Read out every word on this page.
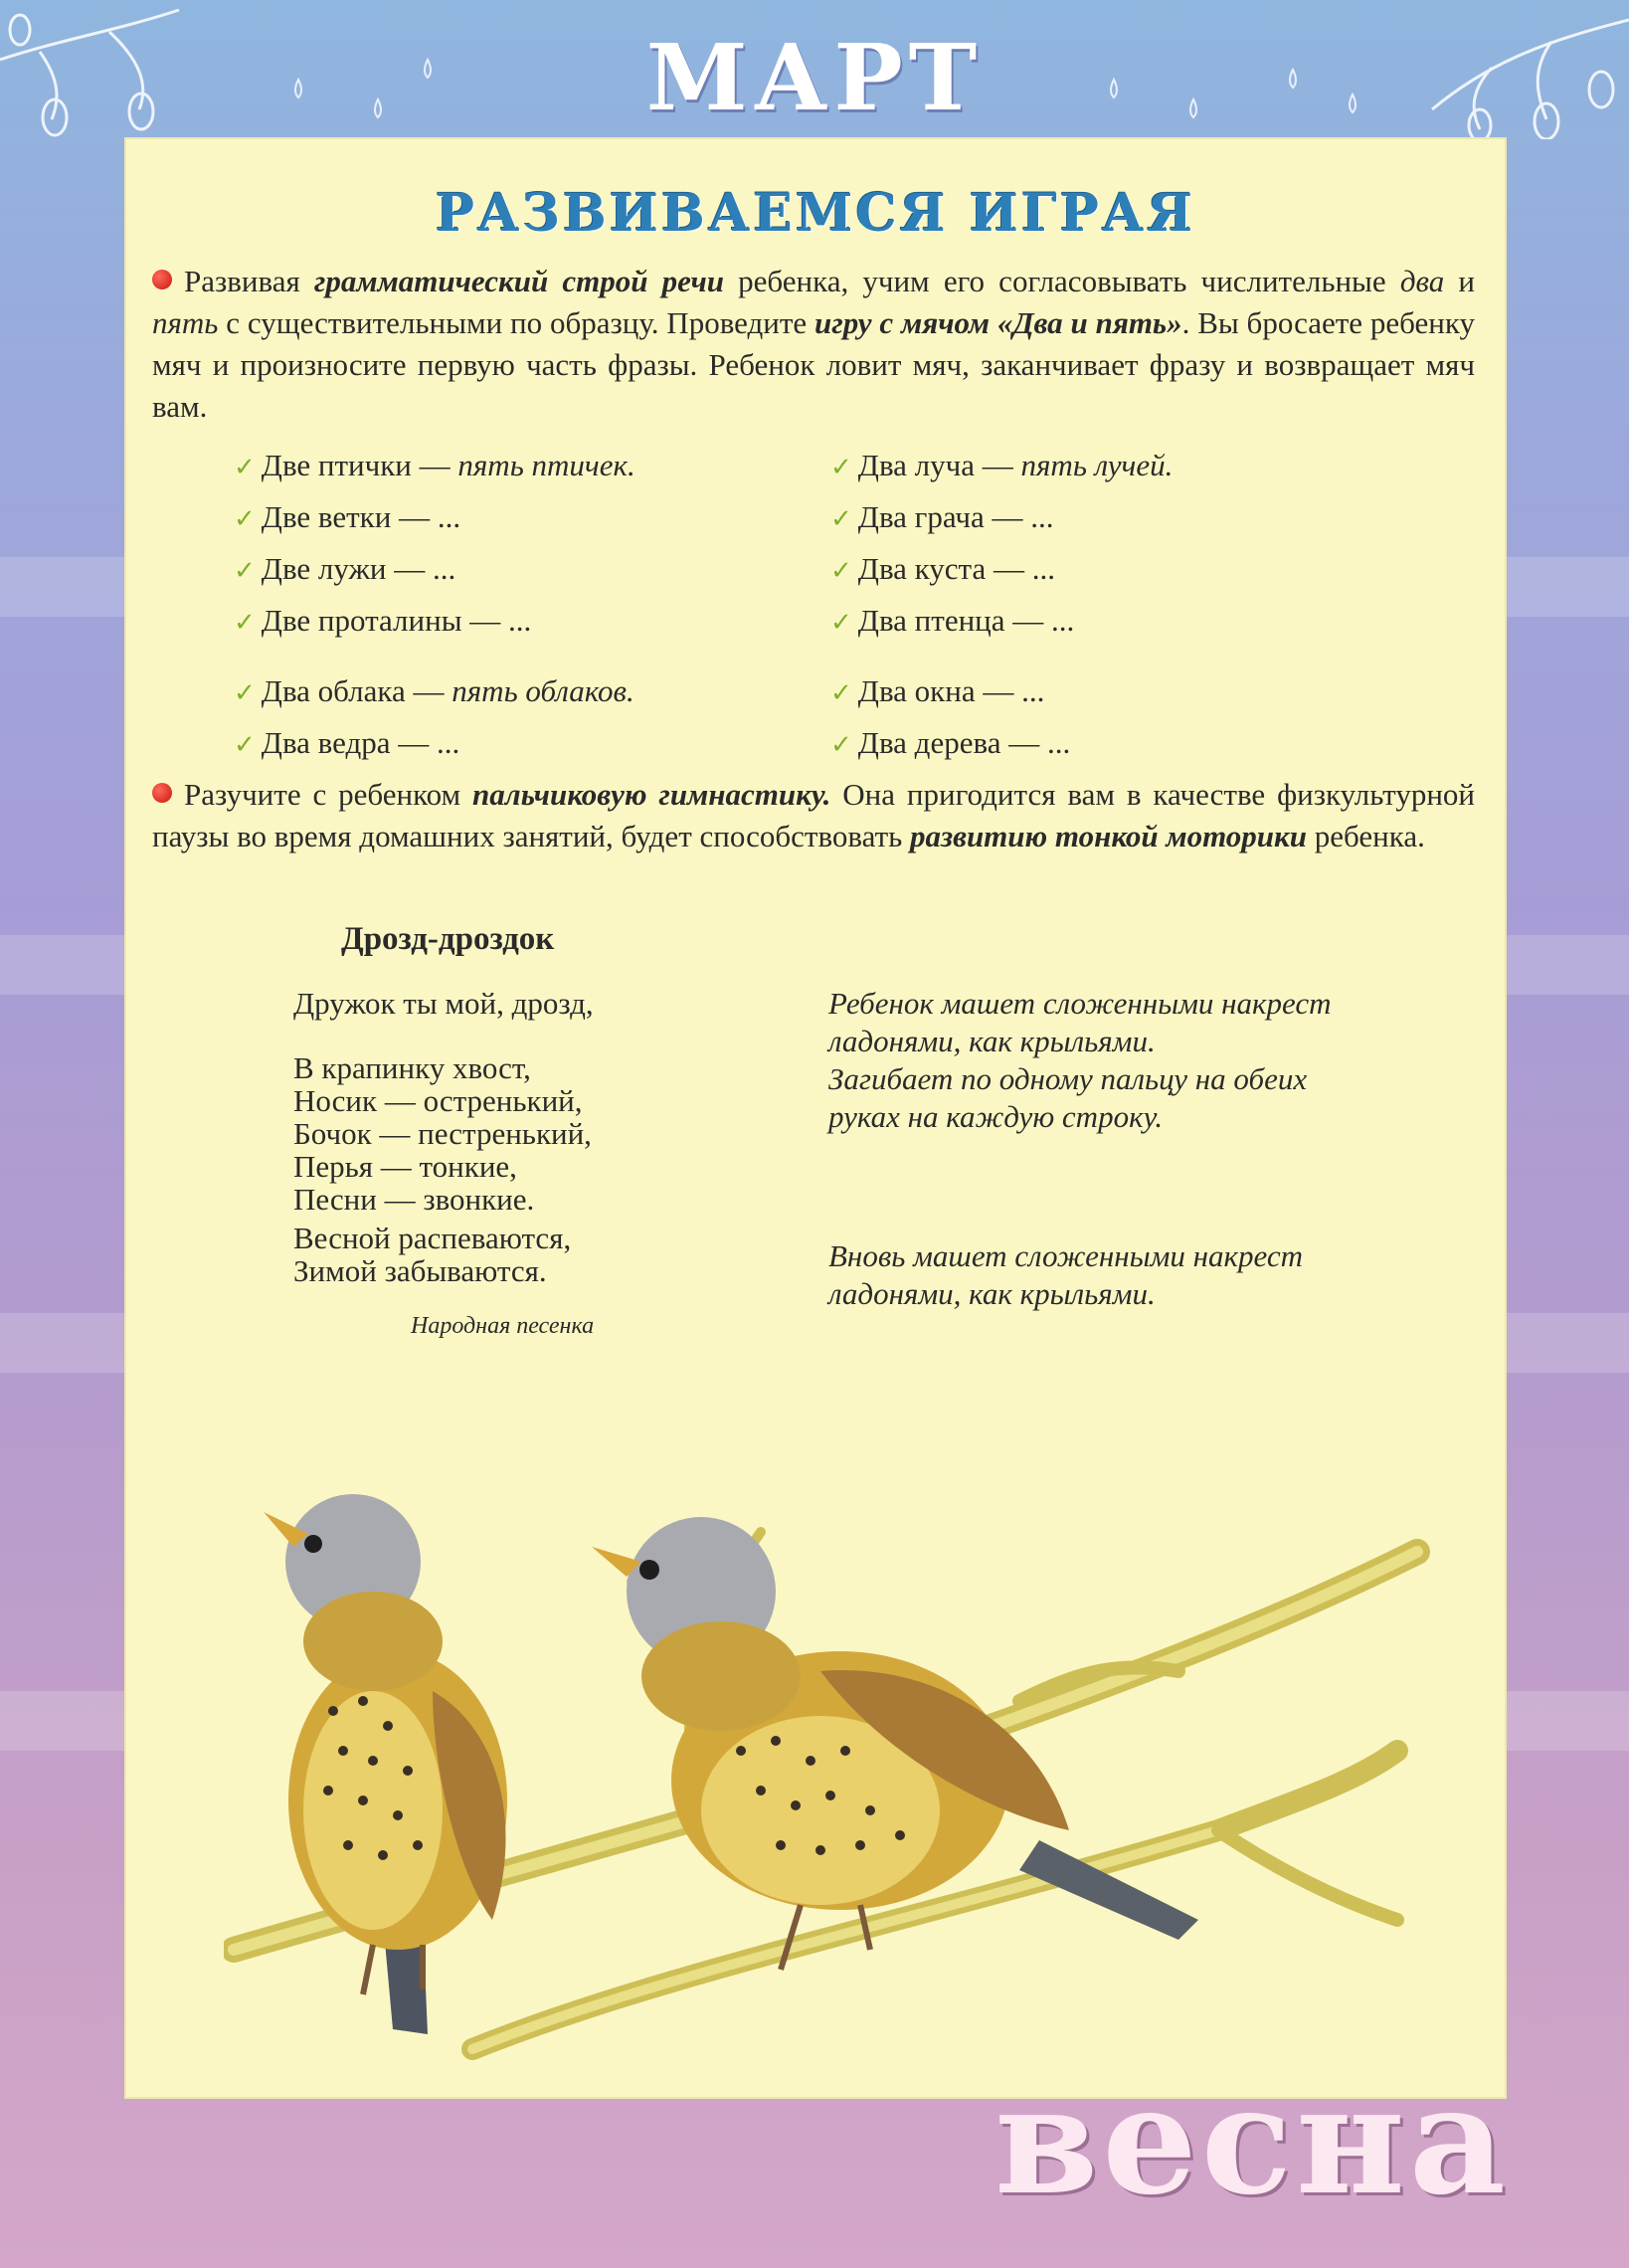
МАРТ
РАЗВИВАЕМСЯ ИГРАЯ
Развивая грамматический строй речи ребенка, учим его согласовывать числительные два и пять с существительными по образцу. Проведите игру с мячом «Два и пять». Вы бросаете ребенку мяч и произносите первую часть фразы. Ребенок ловит мяч, заканчивает фразу и возвращает мяч вам.
✓ Две птички — пять птичек.
✓ Две ветки — ...
✓ Две лужи — ...
✓ Две проталины — ...
✓ Два облака — пять облаков.
✓ Два ведра — ...
✓ Два луча — пять лучей.
✓ Два грача — ...
✓ Два куста — ...
✓ Два птенца — ...
✓ Два окна — ...
✓ Два дерева — ...
Разучите с ребенком пальчиковую гимнастику. Она пригодится вам в качестве физкультурной паузы во время домашних занятий, будет способствовать развитию тонкой моторики ребенка.
Дрозд-дроздок
Дружок ты мой, дрозд,
В крапинку хвост,
Носик — остренький,
Бочок — пестренький,
Перья — тонкие,
Песни — звонкие.
Весной распеваются,
Зимой забываются.
Народная песенка
Ребенок машет сложенными накрест
ладонями, как крыльями.
Загибает по одному пальцу на обеих
руках на каждую строку.
Вновь машет сложенными накрест
ладонями, как крыльями.
весна
